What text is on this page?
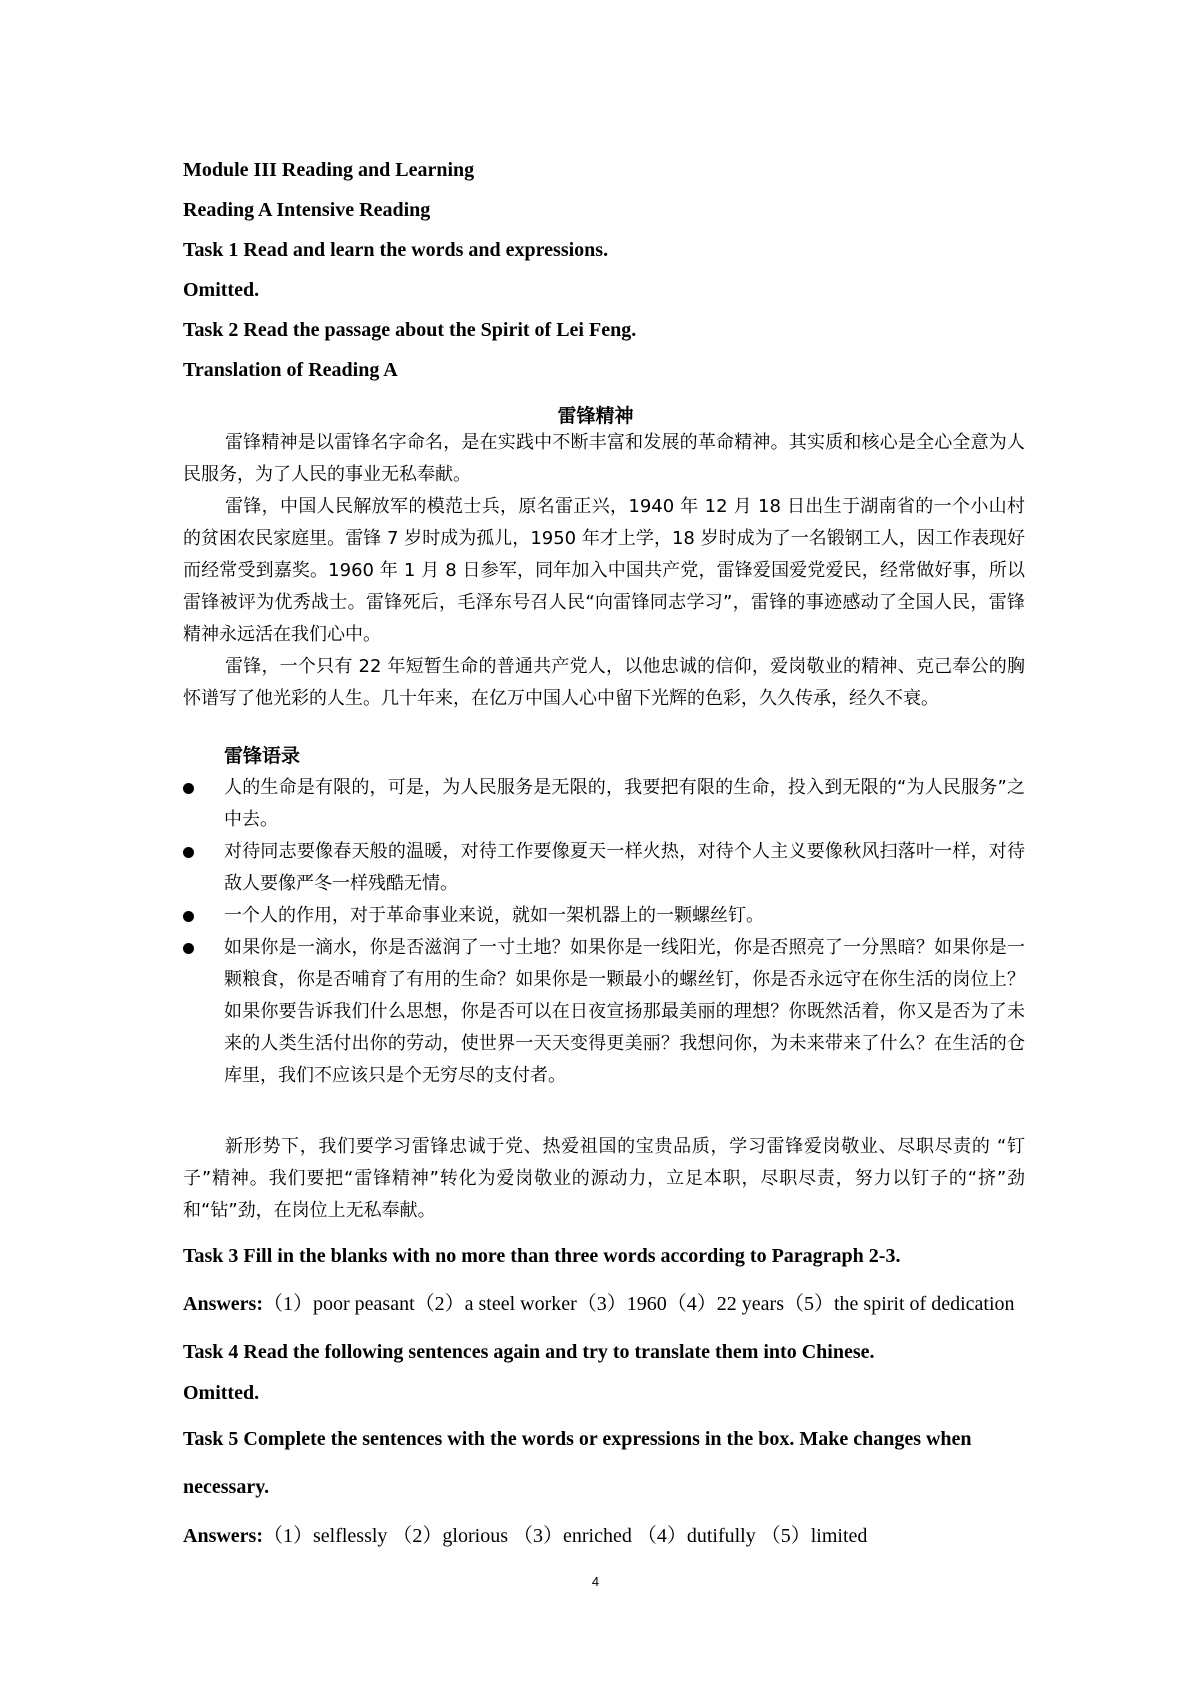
Module III Reading and Learning
Reading A Intensive Reading
Task 1 Read and learn the words and expressions.
Omitted.
Task 2 Read the passage about the Spirit of Lei Feng.
Translation of Reading A
雷锋精神

雷锋精神是以雷锋名字命名，是在实践中不断丰富和发展的革命精神。其实质和核心是全心全意为人民服务，为了人民的事业无私奉献。

雷锋，中国人民解放军的模范士兵，原名雷正兴，1940 年 12 月 18 日出生于湖南省的一个小山村的贫困农民家庭里。雷锋 7 岁时成为孤儿，1950 年才上学，18 岁时成为了一名锻钢工人，因工作表现好而经常受到嘉奖。1960 年 1 月 8 日参军，同年加入中国共产党，雷锋爱国爱党爱民，经常做好事，所以雷锋被评为优秀战士。雷锋死后，毛泽东号召人民“向雷锋同志学习”，雷锋的事迹感动了全国人民，雷锋精神永远活在我们心中。

雷锋，一个只有 22 年短暂生命的普通共产党人，以他忠诚的信仰，爱岗敬业的精神、克己奉公的胸怀谱写了他光彩的人生。几十年来，在亿万中国人心中留下光辉的色彩，久久传承，经久不衰。

雷锋语录
人的生命是有限的，可是，为人民服务是无限的，我要把有限的生命，投入到无限的“为人民服务”之中去。
对待同志要像春天般的温暖，对待工作要像夏天一样火热，对待个人主义要像秋风扫落叶一样，对待敌人要像严冬一样残酷无情。
一个人的作用，对于革命事业来说，就如一架机器上的一颗螺丝钉。
如果你是一滴水，你是否滋润了一寸土地？如果你是一线阳光，你是否照亮了一分黑暗？如果你是一颗粮食，你是否哺育了有用的生命？如果你是一颗最小的螺丝钉，你是否永远守在你生活的岗位上？如果你要告诉我们什么思想，你是否可以在日夜宣扬那最美丽的理想？你既然活着，你又是否为了未来的人类生活付出你的劳动，使世界一天天变得更美丽？我想问你，为未来带来了什么？在生活的仓库里，我们不应该只是个无穷尽的支付者。

新形势下，我们要学习雷锋忠诚于党、热爱祖国的宝贵品质，学习雷锋爱岗敬业、尽职尽责的 “钉子”精神。我们要把“雷锋精神”转化为爱岗敬业的源动力，立足本职，尽职尽责，努力以钉子的“挤”劲和“钻”劲，在岗位上无私奉献。

Task 3 Fill in the blanks with no more than three words according to Paragraph 2-3.
Answers:（1）poor peasant（2）a steel worker（3）1960（4）22 years（5）the spirit of dedication
Task 4 Read the following sentences again and try to translate them into Chinese.
Omitted.
Task 5 Complete the sentences with the words or expressions in the box. Make changes when
necessary.
Answers:（1）selflessly （2）glorious （3）enriched （4）dutifully （5）limited
4
